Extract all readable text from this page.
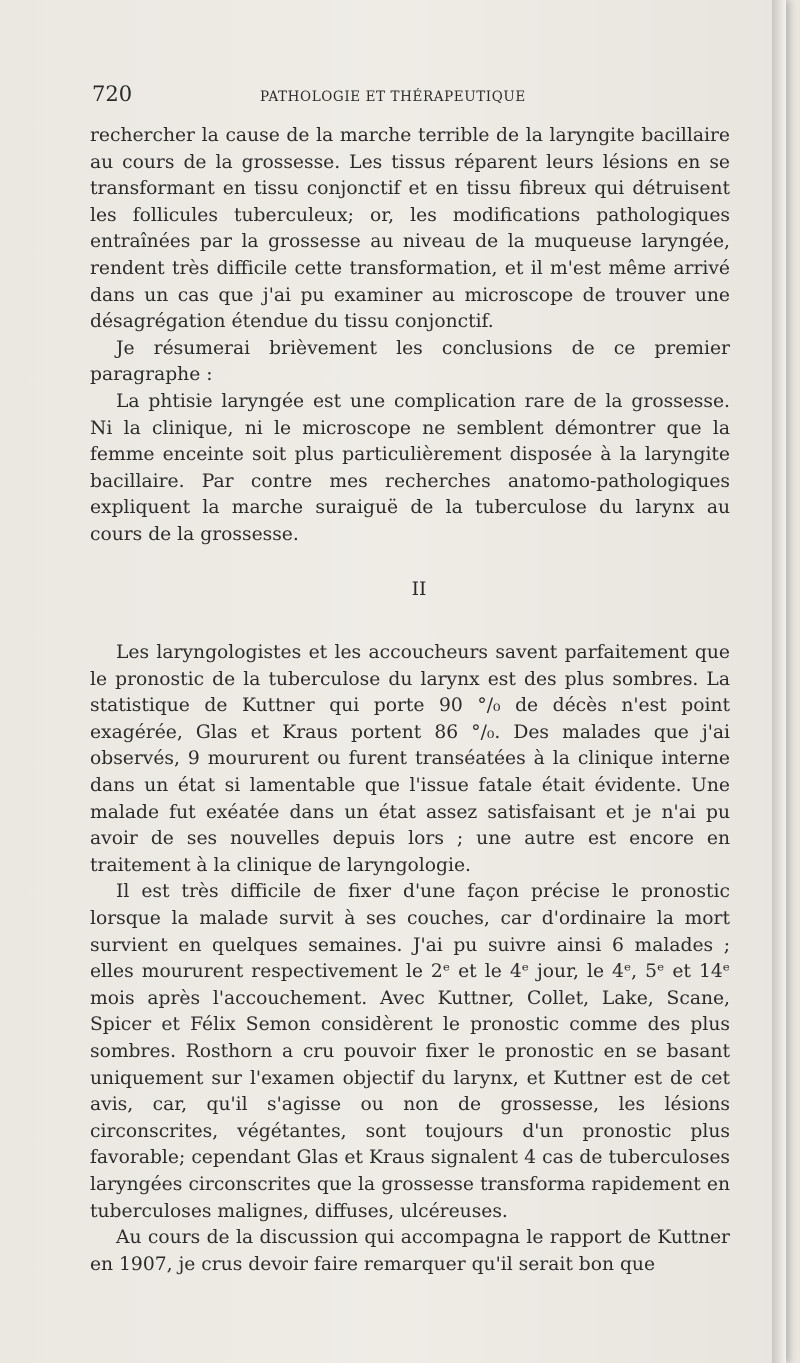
720	PATHOLOGIE ET THÉRAPEUTIQUE

rechercher la cause de la marche terrible de la laryngite bacillaire au cours de la grossesse. Les tissus réparent leurs lésions en se transformant en tissu conjonctif et en tissu fibreux qui détruisent les follicules tuberculeux; or, les modifications pathologiques entraînées par la grossesse au niveau de la muqueuse laryngée, rendent très difficile cette transformation, et il m'est même arrivé dans un cas que j'ai pu examiner au microscope de trouver une désagrégation étendue du tissu conjonctif.

Je résumerai brièvement les conclusions de ce premier paragraphe :

La phtisie laryngée est une complication rare de la grossesse. Ni la clinique, ni le microscope ne semblent démontrer que la femme enceinte soit plus particulièrement disposée à la laryngite bacillaire. Par contre mes recherches anatomo-pathologiques expliquent la marche suraiguë de la tuberculose du larynx au cours de la grossesse.

II

Les laryngologistes et les accoucheurs savent parfaitement que le pronostic de la tuberculose du larynx est des plus sombres. La statistique de Kuttner qui porte 90 °/₀ de décès n'est point exagérée, Glas et Kraus portent 86 °/₀. Des malades que j'ai observés, 9 moururent ou furent transéatées à la clinique interne dans un état si lamentable que l'issue fatale était évidente. Une malade fut exéatée dans un état assez satisfaisant et je n'ai pu avoir de ses nouvelles depuis lors ; une autre est encore en traitement à la clinique de laryngologie.

Il est très difficile de fixer d'une façon précise le pronostic lorsque la malade survit à ses couches, car d'ordinaire la mort survient en quelques semaines. J'ai pu suivre ainsi 6 malades ; elles moururent respectivement le 2ᵉ et le 4ᵉ jour, le 4ᵉ, 5ᵉ et 14ᵉ mois après l'accouchement. Avec Kuttner, Collet, Lake, Scane, Spicer et Félix Semon considèrent le pronostic comme des plus sombres. Rosthorn a cru pouvoir fixer le pronostic en se basant uniquement sur l'examen objectif du larynx, et Kuttner est de cet avis, car, qu'il s'agisse ou non de grossesse, les lésions circonscrites, végétantes, sont toujours d'un pronostic plus favorable; cependant Glas et Kraus signalent 4 cas de tuberculoses laryngées circonscrites que la grossesse transforma rapidement en tuberculoses malignes, diffuses, ulcéreuses.

Au cours de la discussion qui accompagna le rapport de Kuttner en 1907, je crus devoir faire remarquer qu'il serait bon que
